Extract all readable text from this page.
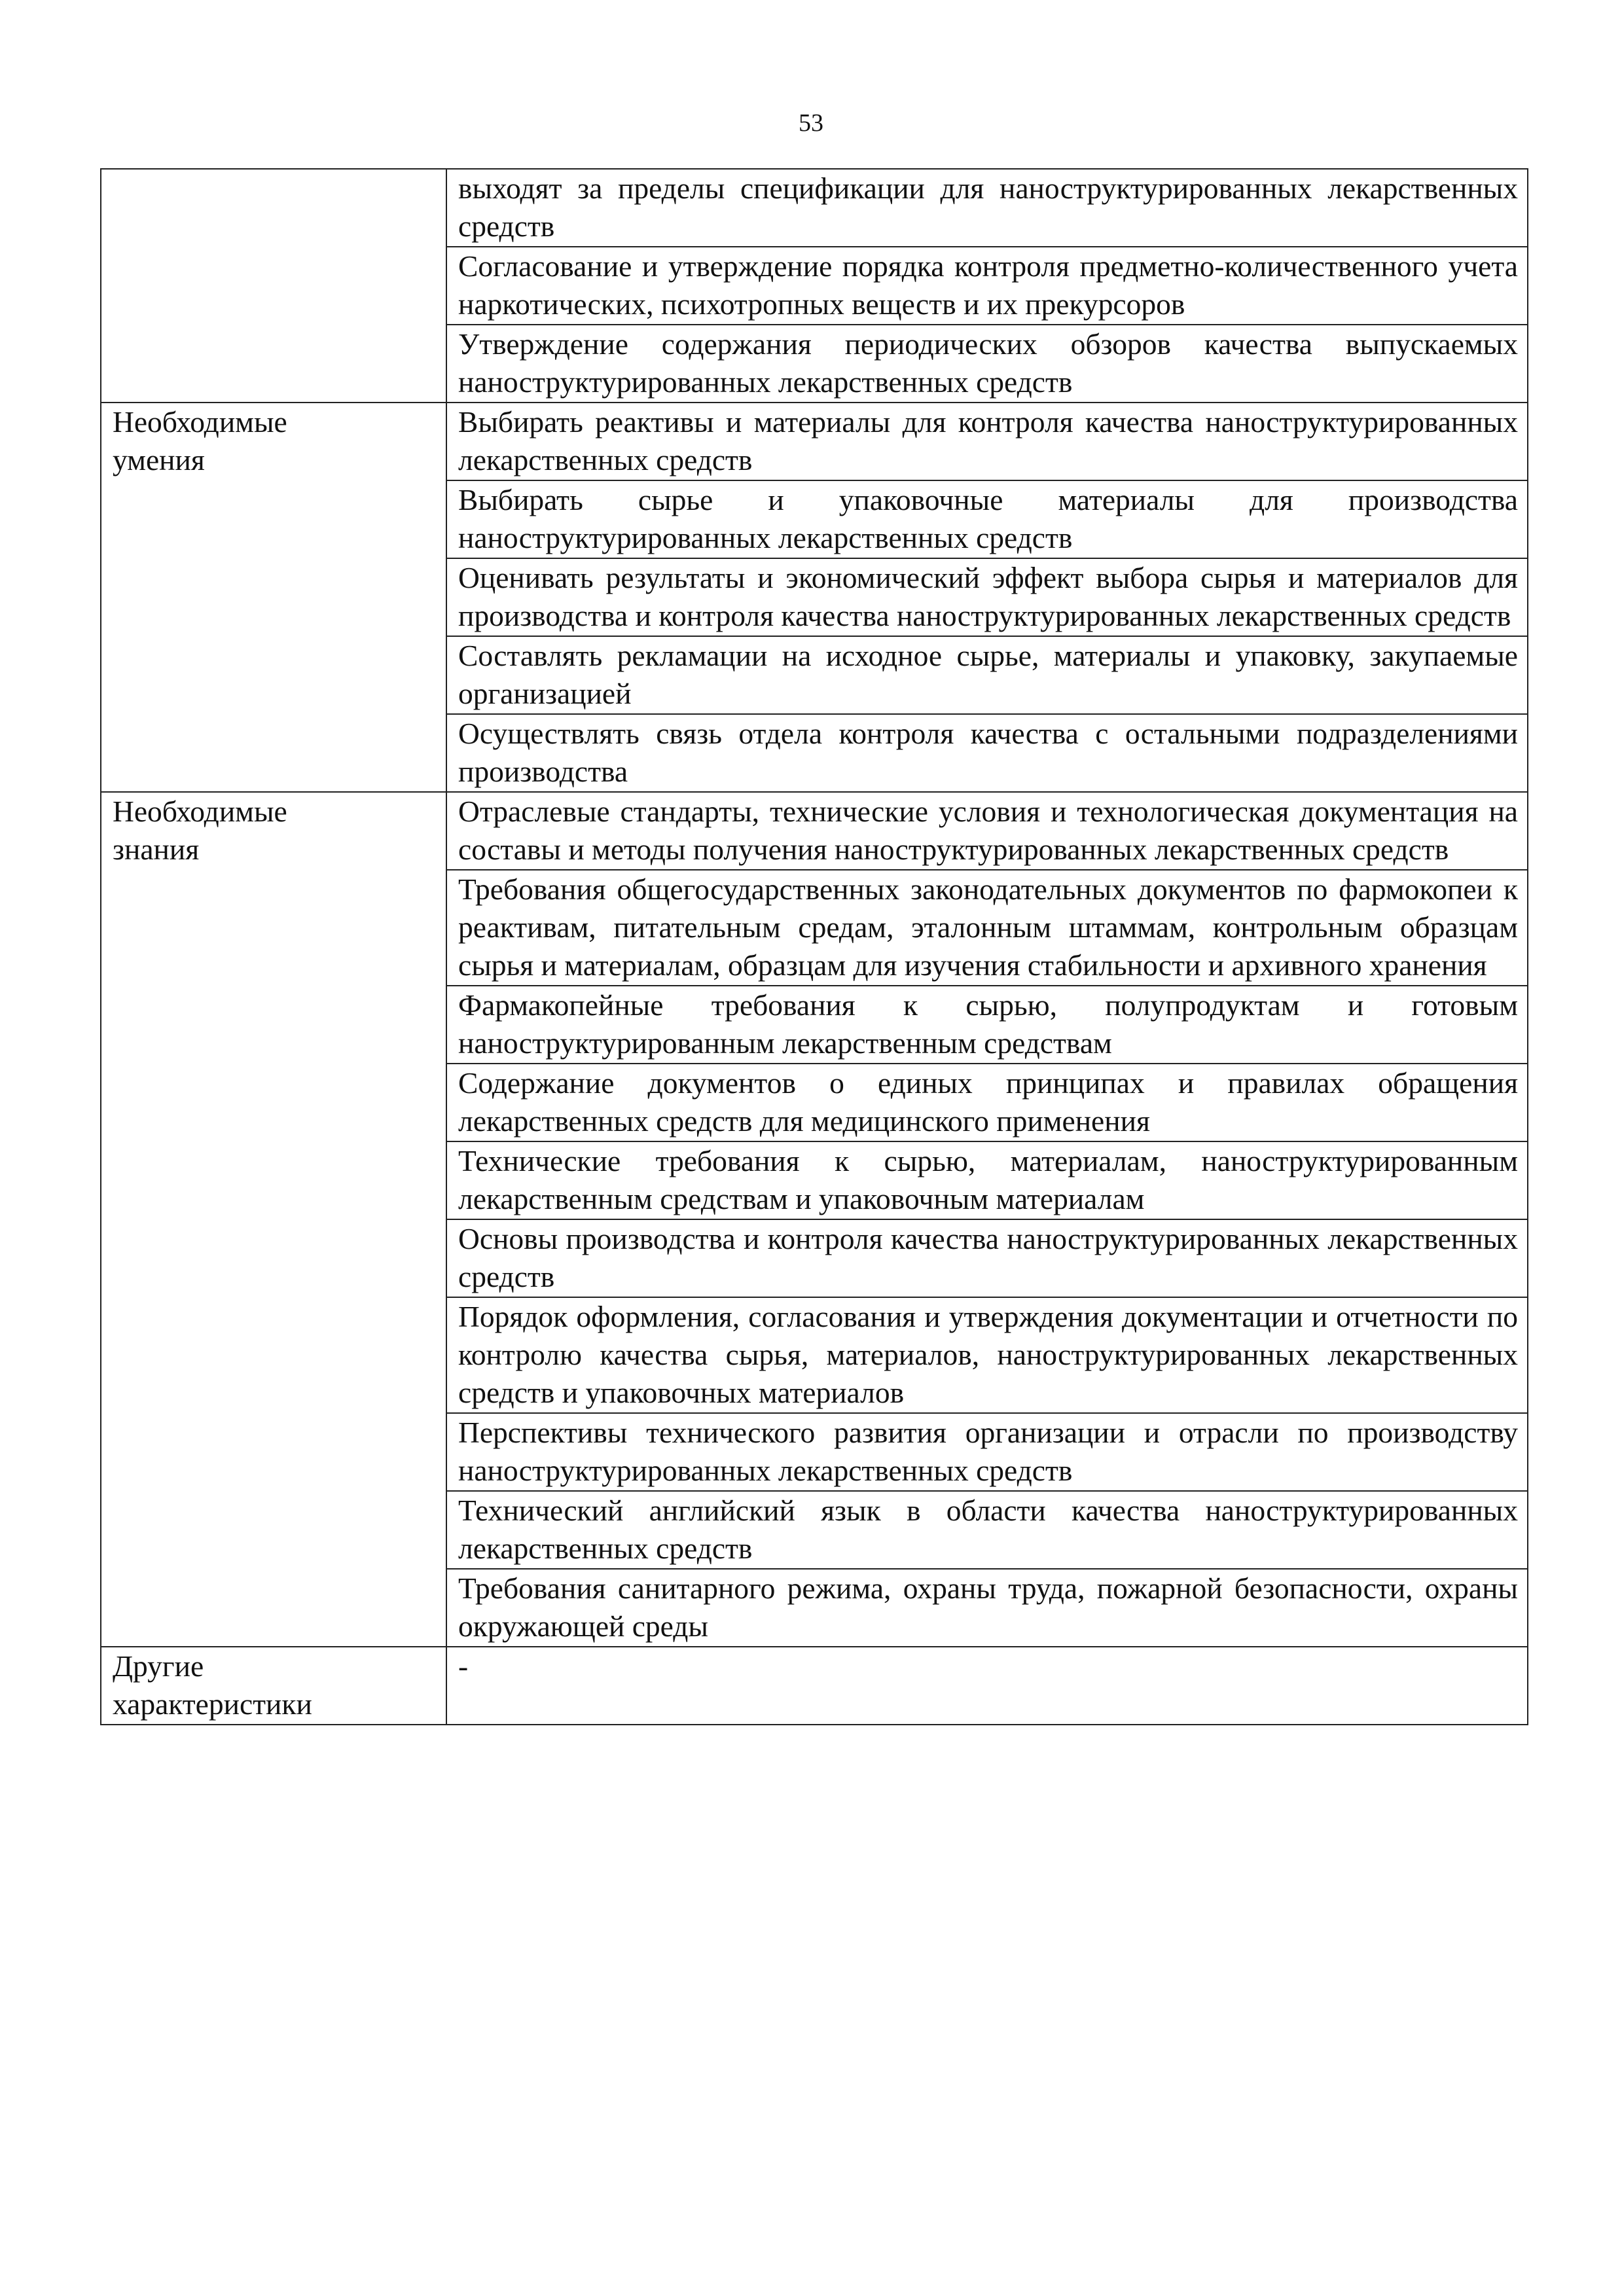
53
	выходят за пределы спецификации для наноструктурированных лекарственных средств
	Согласование и утверждение порядка контроля предметно-количественного учета наркотических, психотропных веществ и их прекурсоров
	Утверждение содержания периодических обзоров качества выпускаемых наноструктурированных лекарственных средств

Необходимые
умения	Выбирать реактивы и материалы для контроля качества наноструктурированных лекарственных средств
	Выбирать сырье и упаковочные материалы для производства наноструктурированных лекарственных средств
	Оценивать результаты и экономический эффект выбора сырья и материалов для производства и контроля качества наноструктурированных лекарственных средств
	Составлять рекламации на исходное сырье, материалы и упаковку, закупаемые организацией
	Осуществлять связь отдела контроля качества с остальными подразделениями производства

Необходимые
знания	Отраслевые стандарты, технические условия и технологическая документация на составы и методы получения наноструктурированных лекарственных средств
	Требования общегосударственных законодательных документов по фармокопеи к реактивам, питательным средам, эталонным штаммам, контрольным образцам сырья и материалам, образцам для изучения стабильности и архивного хранения
	Фармакопейные требования к сырью, полупродуктам и готовым наноструктурированным лекарственным средствам
	Содержание документов о единых принципах и правилах обращения лекарственных средств для медицинского применения
	Технические требования к сырью, материалам, наноструктурированным лекарственным средствам и упаковочным материалам
	Основы производства и контроля качества наноструктурированных лекарственных средств
	Порядок оформления, согласования и утверждения документации и отчетности по контролю качества сырья, материалов, наноструктурированных лекарственных средств и упаковочных материалов
	Перспективы технического развития организации и отрасли по производству наноструктурированных лекарственных средств
	Технический английский язык в области качества наноструктурированных лекарственных средств
	Требования санитарного режима, охраны труда, пожарной безопасности, охраны окружающей среды

Другие
характеристики	-
